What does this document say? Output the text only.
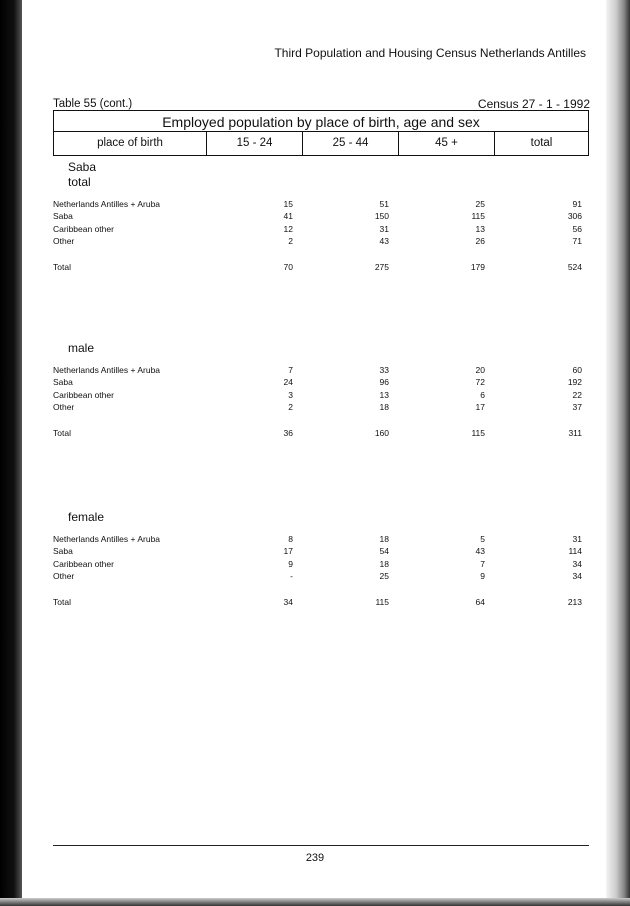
Third Population and Housing Census Netherlands Antilles
Table 55 (cont.)	Census 27 - 1 - 1992
Employed population by place of birth, age and sex
place of birth	15 - 24	25 - 44	45 +	total
Saba
total
Netherlands Antilles + Aruba	15	51	25	91
Saba	41	150	115	306
Caribbean other	12	31	13	56
Other	2	43	26	71
Total	70	275	179	524
male
Netherlands Antilles + Aruba	7	33	20	60
Saba	24	96	72	192
Caribbean other	3	13	6	22
Other	2	18	17	37
Total	36	160	115	311
female
Netherlands Antilles + Aruba	8	18	5	31
Saba	17	54	43	114
Caribbean other	9	18	7	34
Other	-	25	9	34
Total	34	115	64	213
239
